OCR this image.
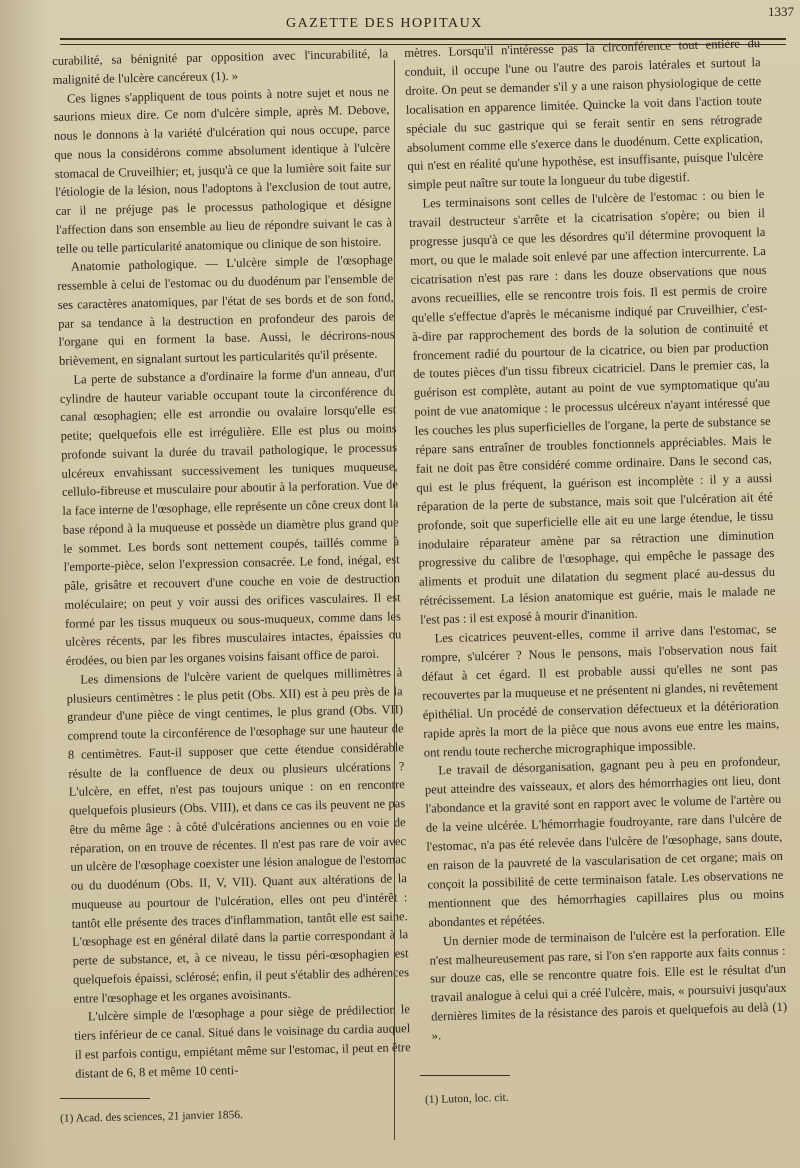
GAZETTE DES HOPITAUX
1337

curabilité, sa bénignité par opposition avec l'incurabilité, la malignité de l'ulcère cancéreux (1). »

Ces lignes s'appliquent de tous points à notre sujet et nous ne saurions mieux dire. Ce nom d'ulcère simple, après M. Debove, nous le donnons à la variété d'ulcération qui nous occupe, parce que nous la considérons comme absolument identique à l'ulcère stomacal de Cruveilhier; et, jusqu'à ce que la lumière soit faite sur l'étiologie de la lésion, nous l'adoptons à l'exclusion de tout autre, car il ne préjuge pas le processus pathologique et désigne l'affection dans son ensemble au lieu de répondre suivant le cas à telle ou telle particularité anatomique ou clinique de son histoire.

Anatomie pathologique. — L'ulcère simple de l'œsophage ressemble à celui de l'estomac ou du duodénum par l'ensemble de ses caractères anatomiques, par l'état de ses bords et de son fond, par sa tendance à la destruction en profondeur des parois de l'organe qui en forment la base. Aussi, le décrirons-nous brièvement, en signalant surtout les particularités qu'il présente.

La perte de substance a d'ordinaire la forme d'un anneau, d'un cylindre de hauteur variable occupant toute la circonférence du canal œsophagien; elle est arrondie ou ovalaire lorsqu'elle est petite; quelquefois elle est irrégulière. Elle est plus ou moins profonde suivant la durée du travail pathologique, le processus ulcéreux envahissant successivement les tuniques muqueuse, cellulo-fibreuse et musculaire pour aboutir à la perforation. Vue de la face interne de l'œsophage, elle représente un cône creux dont la base répond à la muqueuse et possède un diamètre plus grand que le sommet. Les bords sont nettement coupés, taillés comme à l'emporte-pièce, selon l'expression consacrée. Le fond, inégal, est pâle, grisâtre et recouvert d'une couche en voie de destruction moléculaire; on peut y voir aussi des orifices vasculaires. Il est formé par les tissus muqueux ou sous-muqueux, comme dans les ulcères récents, par les fibres musculaires intactes, épaissies ou érodées, ou bien par les organes voisins faisant office de paroi.

Les dimensions de l'ulcère varient de quelques millimètres à plusieurs centimètres : le plus petit (Obs. XII) est à peu près de la grandeur d'une pièce de vingt centimes, le plus grand (Obs. VII) comprend toute la circonférence de l'œsophage sur une hauteur de 8 centimètres. Faut-il supposer que cette étendue considérable résulte de la confluence de deux ou plusieurs ulcérations ? L'ulcère, en effet, n'est pas toujours unique : on en rencontre quelquefois plusieurs (Obs. VIII), et dans ce cas ils peuvent ne pas être du même âge : à côté d'ulcérations anciennes ou en voie de réparation, on en trouve de récentes. Il n'est pas rare de voir avec un ulcère de l'œsophage coexister une lésion analogue de l'estomac ou du duodénum (Obs. II, V, VII). Quant aux altérations de la muqueuse au pourtour de l'ulcération, elles ont peu d'intérêt : tantôt elle présente des traces d'inflammation, tantôt elle est saine. L'œsophage est en général dilaté dans la partie correspondant à la perte de substance, et, à ce niveau, le tissu péri-œsophagien est quelquefois épaissi, sclérosé; enfin, il peut s'établir des adhérences entre l'œsophage et les organes avoisinants.

L'ulcère simple de l'œsophage a pour siège de prédilection le tiers inférieur de ce canal. Situé dans le voisinage du cardia auquel il est parfois contigu, empiétant même sur l'estomac, il peut en être distant de 6, 8 et même 10 centi-

mètres. Lorsqu'il n'intéresse pas la circonférence tout entière du conduit, il occupe l'une ou l'autre des parois latérales et surtout la droite. On peut se demander s'il y a une raison physiologique de cette localisation en apparence limitée. Quincke la voit dans l'action toute spéciale du suc gastrique qui se ferait sentir en sens rétrograde absolument comme elle s'exerce dans le duodénum. Cette explication, qui n'est en réalité qu'une hypothèse, est insuffisante, puisque l'ulcère simple peut naître sur toute la longueur du tube digestif.

Les terminaisons sont celles de l'ulcère de l'estomac : ou bien le travail destructeur s'arrête et la cicatrisation s'opère; ou bien il progresse jusqu'à ce que les désordres qu'il détermine provoquent la mort, ou que le malade soit enlevé par une affection intercurrente. La cicatrisation n'est pas rare : dans les douze observations que nous avons recueillies, elle se rencontre trois fois. Il est permis de croire qu'elle s'effectue d'après le mécanisme indiqué par Cruveilhier, c'est-à-dire par rapprochement des bords de la solution de continuité et froncement radié du pourtour de la cicatrice, ou bien par production de toutes pièces d'un tissu fibreux cicatriciel. Dans le premier cas, la guérison est complète, autant au point de vue symptomatique qu'au point de vue anatomique : le processus ulcéreux n'ayant intéressé que les couches les plus superficielles de l'organe, la perte de substance se répare sans entraîner de troubles fonctionnels appréciables. Mais le fait ne doit pas être considéré comme ordinaire. Dans le second cas, qui est le plus fréquent, la guérison est incomplète : il y a aussi réparation de la perte de substance, mais soit que l'ulcération ait été profonde, soit que superficielle elle ait eu une large étendue, le tissu inodulaire réparateur amène par sa rétraction une diminution progressive du calibre de l'œsophage, qui empêche le passage des aliments et produit une dilatation du segment placé au-dessus du rétrécissement. La lésion anatomique est guérie, mais le malade ne l'est pas : il est exposé à mourir d'inanition.

Les cicatrices peuvent-elles, comme il arrive dans l'estomac, se rompre, s'ulcérer ? Nous le pensons, mais l'observation nous fait défaut à cet égard. Il est probable aussi qu'elles ne sont pas recouvertes par la muqueuse et ne présentent ni glandes, ni revêtement épithélial. Un procédé de conservation défectueux et la détérioration rapide après la mort de la pièce que nous avons eue entre les mains, ont rendu toute recherche micrographique impossible.

Le travail de désorganisation, gagnant peu à peu en profondeur, peut atteindre des vaisseaux, et alors des hémorrhagies ont lieu, dont l'abondance et la gravité sont en rapport avec le volume de l'artère ou de la veine ulcérée. L'hémorrhagie foudroyante, rare dans l'ulcère de l'estomac, n'a pas été relevée dans l'ulcère de l'œsophage, sans doute, en raison de la pauvreté de la vascularisation de cet organe; mais on conçoit la possibilité de cette terminaison fatale. Les observations ne mentionnent que des hémorrhagies capillaires plus ou moins abondantes et répétées.

Un dernier mode de terminaison de l'ulcère est la perforation. Elle n'est malheureusement pas rare, si l'on s'en rapporte aux faits connus : sur douze cas, elle se rencontre quatre fois. Elle est le résultat d'un travail analogue à celui qui a créé l'ulcère, mais, « poursuivi jusqu'aux dernières limites de la résistance des parois et quelquefois au delà (1) ».

(1) Acad. des sciences, 21 janvier 1856.
(1) Luton, loc. cit.
